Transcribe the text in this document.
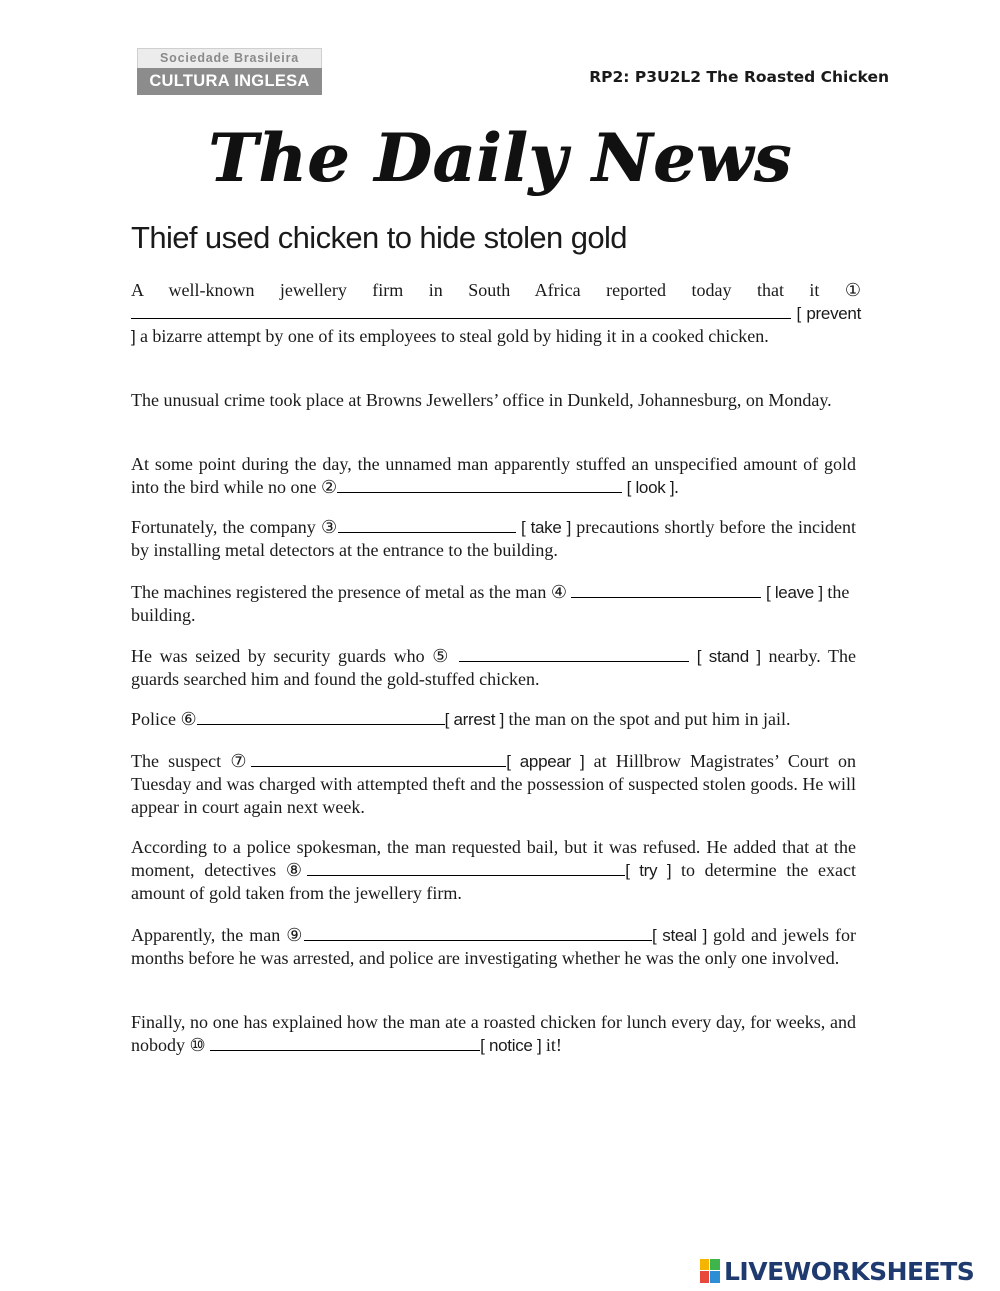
Sociedade Brasileira
CULTURA INGLESA	RP2: P3U2L2 The Roasted Chicken
The Daily News
Thief used chicken to hide stolen gold

A well-known jewellery firm in South Africa reported today that it ①  [ prevent ] a bizarre attempt by one of its employees to steal gold by hiding it in a cooked chicken.

The unusual crime took place at Browns Jewellers’ office in Dunkeld, Johannesburg, on Monday.

At some point during the day, the unnamed man apparently stuffed an unspecified amount of gold into the bird while no one ②	[ look ].

Fortunately, the company ③	[ take ] precautions shortly before the incident by installing metal detectors at the entrance to the building.

The machines registered the presence of metal as the man ④	[ leave ] the building.

He was seized by security guards who ⑤	[ stand ] nearby. The guards searched him and found the gold-stuffed chicken.

Police ⑥	[ arrest ] the man on the spot and put him in jail.

The suspect ⑦	[ appear ] at Hillbrow Magistrates’ Court on Tuesday and was charged with attempted theft and the possession of suspected stolen goods. He will appear in court again next week.

According to a police spokesman, the man requested bail, but it was refused. He added that at the moment, detectives ⑧	[ try ] to determine the exact amount of gold taken from the jewellery firm.

Apparently, the man ⑨	[ steal ] gold and jewels for months before he was arrested, and police are investigating whether he was the only one involved.

Finally, no one has explained how the man ate a roasted chicken for lunch every day, for weeks, and nobody ⑩	[ notice ] it!

LIVEWORKSHEETS
